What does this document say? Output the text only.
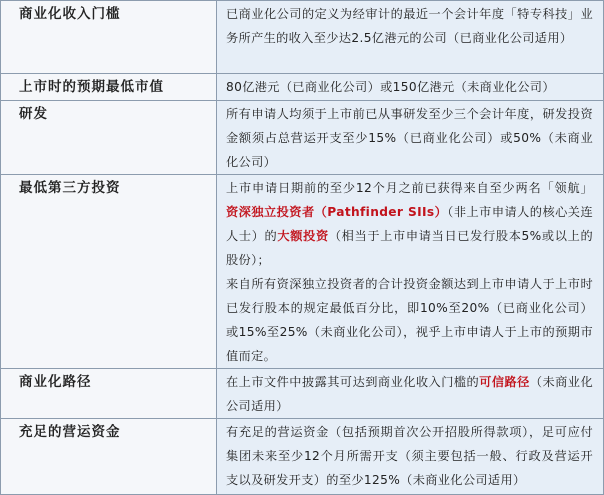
商业化收入门槛	已商业化公司的定义为经审计的最近一个会计年度「特专科技」业务所产生的收入至少达2.5亿港元的公司（已商业化公司适用）
上市时的预期最低市值	80亿港元（已商业化公司）或150亿港元（未商业化公司）
研发	所有申请人均须于上市前已从事研发至少三个会计年度，研发投资金额须占总营运开支至少15%（已商业化公司）或50%（未商业化公司）
最低第三方投资	上市申请日期前的至少12个月之前已获得来自至少两名「领航」资深独立投资者（Pathfinder SIIs）（非上市申请人的核心关连人士）的大额投资（相当于上市申请当日已发行股本5%或以上的股份）；
来自所有资深独立投资者的合计投资金额达到上市申请人于上市时已发行股本的规定最低百分比，即10%至20%（已商业化公司）或15%至25%（未商业化公司），视乎上市申请人于上市的预期市值而定。

商业化路径	在上市文件中披露其可达到商业化收入门槛的可信路径（未商业化公司适用）
充足的营运资金	有充足的营运资金（包括预期首次公开招股所得款项），足可应付集团未来至少12个月所需开支（须主要包括一般、行政及营运开支以及研发开支）的至少125%（未商业化公司适用）
